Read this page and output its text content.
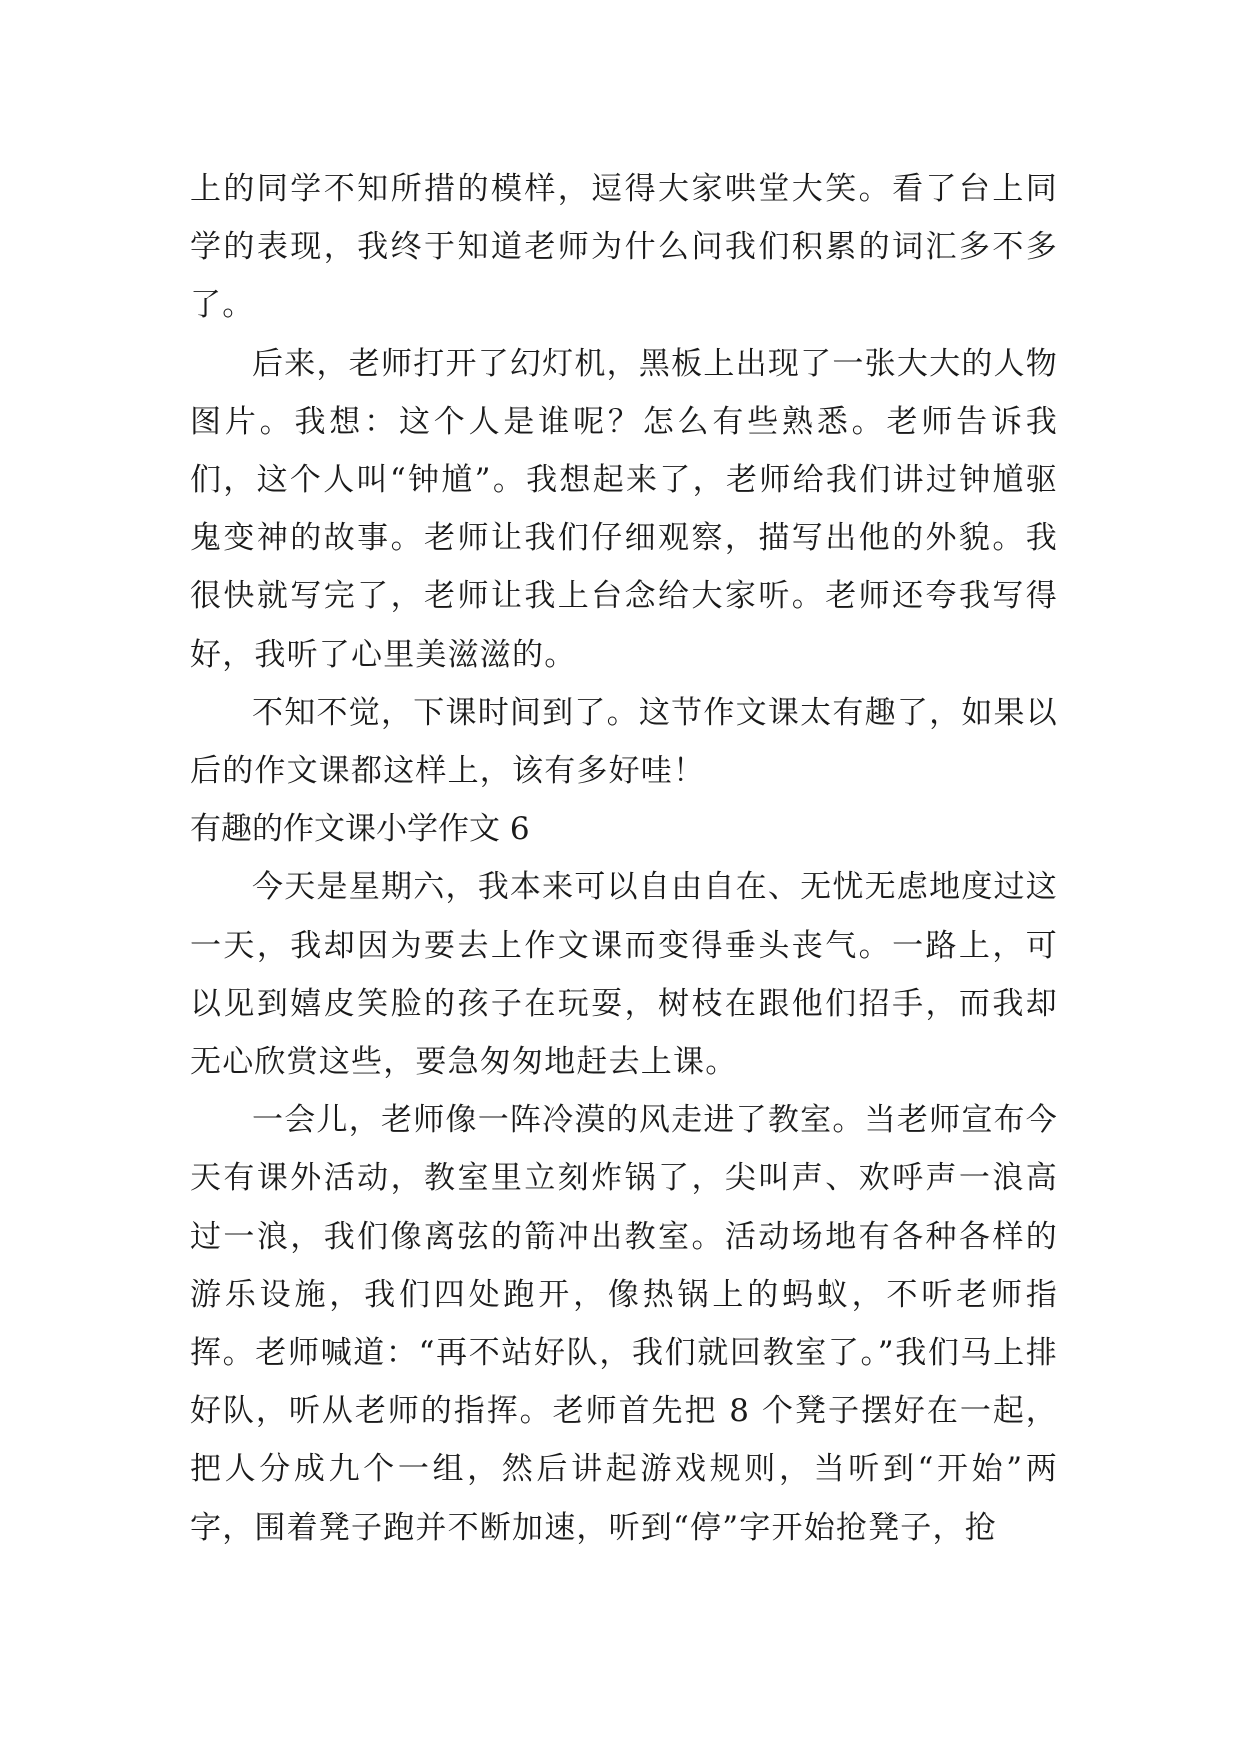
上的同学不知所措的模样，逗得大家哄堂大笑。看了台上同学的表现，我终于知道老师为什么问我们积累的词汇多不多了。

后来，老师打开了幻灯机，黑板上出现了一张大大的人物图片。我想：这个人是谁呢？怎么有些熟悉。老师告诉我们，这个人叫“钟馗”。我想起来了，老师给我们讲过钟馗驱鬼变神的故事。老师让我们仔细观察，描写出他的外貌。我很快就写完了，老师让我上台念给大家听。老师还夸我写得好，我听了心里美滋滋的。

不知不觉，下课时间到了。这节作文课太有趣了，如果以后的作文课都这样上，该有多好哇！

有趣的作文课小学作文 6

今天是星期六，我本来可以自由自在、无忧无虑地度过这一天，我却因为要去上作文课而变得垂头丧气。一路上，可以见到嬉皮笑脸的孩子在玩耍，树枝在跟他们招手，而我却无心欣赏这些，要急匆匆地赶去上课。

一会儿，老师像一阵冷漠的风走进了教室。当老师宣布今天有课外活动，教室里立刻炸锅了，尖叫声、欢呼声一浪高过一浪，我们像离弦的箭冲出教室。活动场地有各种各样的游乐设施，我们四处跑开，像热锅上的蚂蚁，不听老师指挥。老师喊道：“再不站好队，我们就回教室了。”我们马上排好队，听从老师的指挥。老师首先把 8 个凳子摆好在一起，把人分成九个一组，然后讲起游戏规则，当听到“开始”两字，围着凳子跑并不断加速，听到“停”字开始抢凳子，抢
